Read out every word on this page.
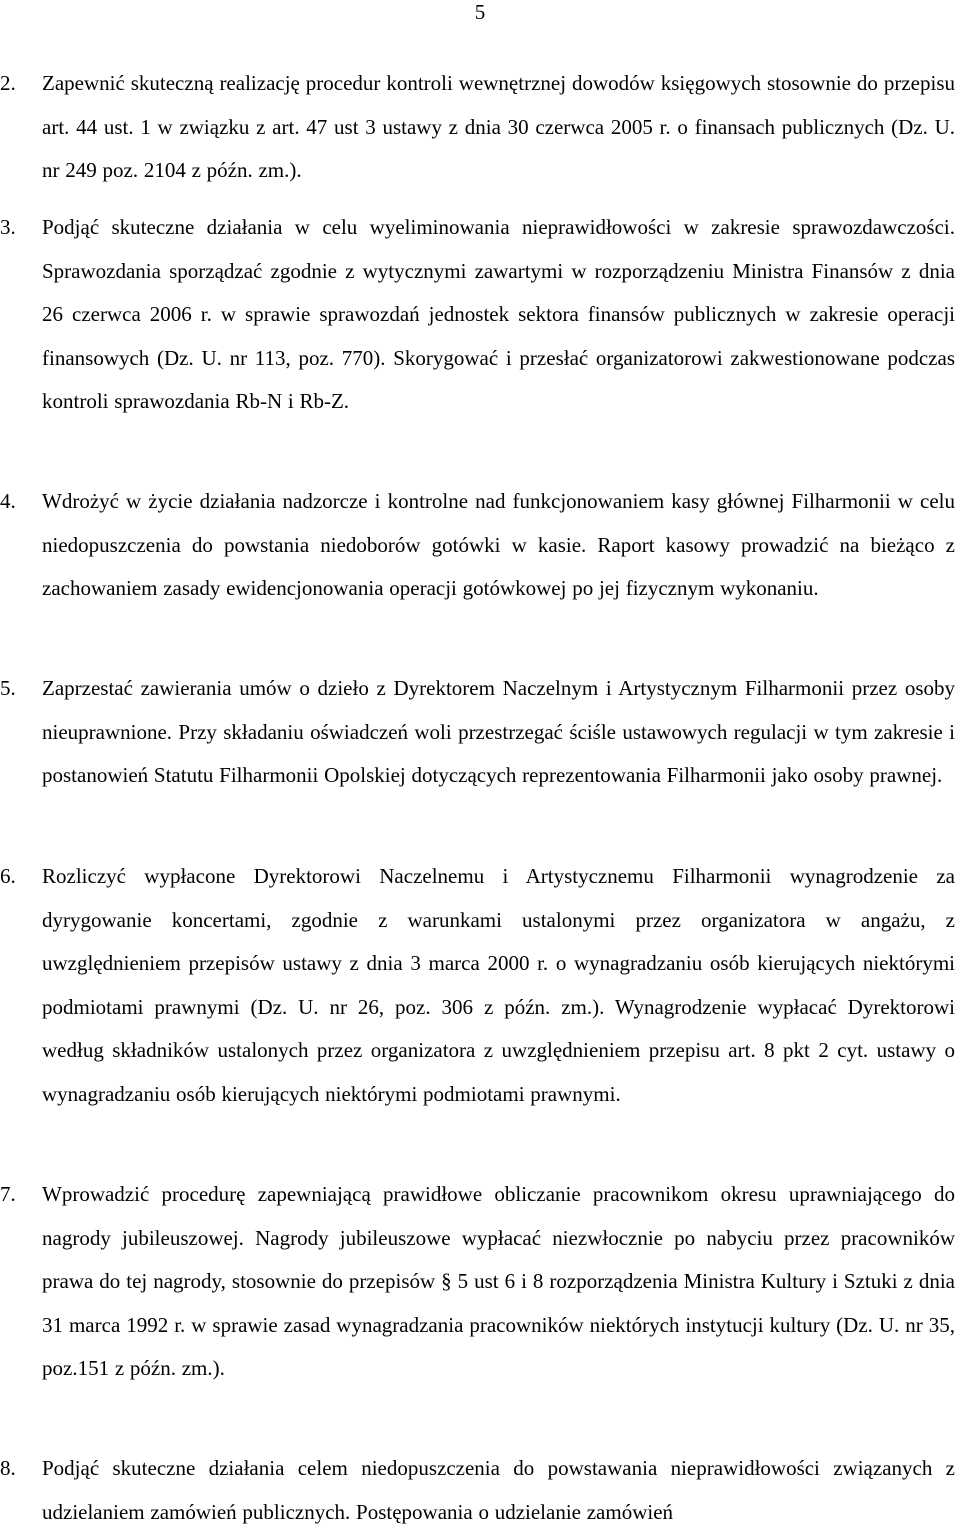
5
2. Zapewnić skuteczną realizację procedur kontroli wewnętrznej dowodów księgowych stosownie do przepisu art. 44 ust. 1 w związku z art. 47 ust 3 ustawy z dnia 30 czerwca 2005 r. o finansach publicznych (Dz. U. nr 249 poz. 2104 z późn. zm.).
3. Podjąć skuteczne działania w celu wyeliminowania nieprawidłowości w zakresie sprawozdawczości. Sprawozdania sporządzać zgodnie z wytycznymi zawartymi w rozporządzeniu Ministra Finansów z dnia 26 czerwca 2006 r. w sprawie sprawozdań jednostek sektora finansów publicznych w zakresie operacji finansowych (Dz. U. nr 113, poz. 770). Skorygować i przesłać organizatorowi zakwestionowane podczas kontroli sprawozdania Rb-N i Rb-Z.
4. Wdrożyć w życie działania nadzorcze i kontrolne nad funkcjonowaniem kasy głównej Filharmonii w celu niedopuszczenia do powstania niedoborów gotówki w kasie. Raport kasowy prowadzić na bieżąco z zachowaniem zasady ewidencjonowania operacji gotówkowej po jej fizycznym wykonaniu.
5. Zaprzestać zawierania umów o dzieło z Dyrektorem Naczelnym i Artystycznym Filharmonii przez osoby nieuprawnione. Przy składaniu oświadczeń woli przestrzegać ściśle ustawowych regulacji w tym zakresie i postanowień Statutu Filharmonii Opolskiej dotyczących reprezentowania Filharmonii jako osoby prawnej.
6. Rozliczyć wypłacone Dyrektorowi Naczelnemu i Artystycznemu Filharmonii wynagrodzenie za dyrygowanie koncertami, zgodnie z warunkami ustalonymi przez organizatora w angażu, z uwzględnieniem przepisów ustawy z dnia 3 marca 2000 r. o wynagradzaniu osób kierujących niektórymi podmiotami prawnymi (Dz. U. nr 26, poz. 306 z późn. zm.). Wynagrodzenie wypłacać Dyrektorowi według składników ustalonych przez organizatora z uwzględnieniem przepisu art. 8 pkt 2 cyt. ustawy o wynagradzaniu osób kierujących niektórymi podmiotami prawnymi.
7. Wprowadzić procedurę zapewniającą prawidłowe obliczanie pracownikom okresu uprawniającego do nagrody jubileuszowej. Nagrody jubileuszowe wypłacać niezwłocznie po nabyciu przez pracowników prawa do tej nagrody, stosownie do przepisów § 5 ust 6 i 8 rozporządzenia Ministra Kultury i Sztuki z dnia 31 marca 1992 r. w sprawie zasad wynagradzania pracowników niektórych instytucji kultury (Dz. U. nr 35, poz.151 z późn. zm.).
8. Podjąć skuteczne działania celem niedopuszczenia do powstawania nieprawidłowości związanych z udzielaniem zamówień publicznych. Postępowania o udzielanie zamówień
